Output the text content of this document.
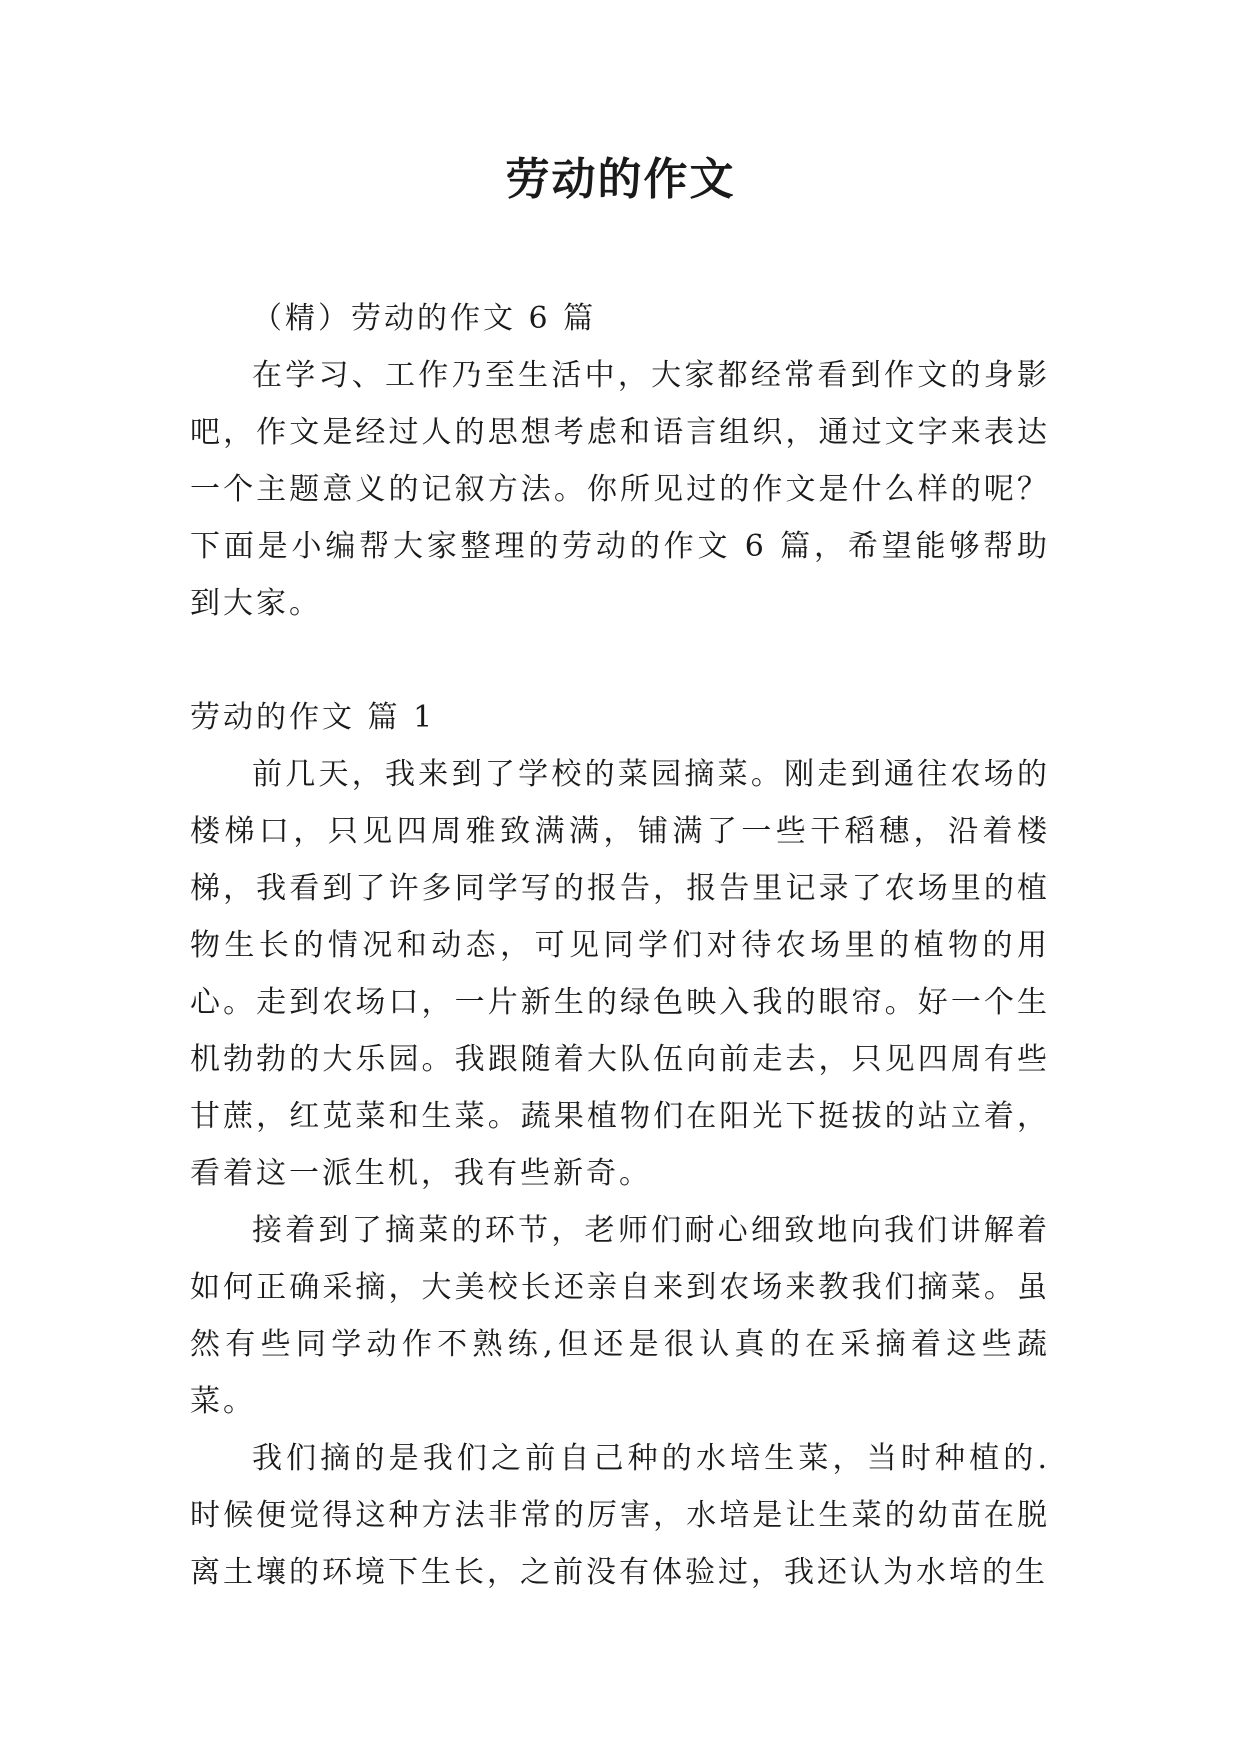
劳动的作文

（精）劳动的作文 6 篇

在学习、工作乃至生活中，大家都经常看到作文的身影吧，作文是经过人的思想考虑和语言组织，通过文字来表达一个主题意义的记叙方法。你所见过的作文是什么样的呢？下面是小编帮大家整理的劳动的作文 6 篇，希望能够帮助到大家。

劳动的作文 篇 1

前几天，我来到了学校的菜园摘菜。刚走到通往农场的楼梯口，只见四周雅致满满，铺满了一些干稻穗，沿着楼梯，我看到了许多同学写的报告，报告里记录了农场里的植物生长的情况和动态，可见同学们对待农场里的植物的用心。走到农场口，一片新生的绿色映入我的眼帘。好一个生机勃勃的大乐园。我跟随着大队伍向前走去，只见四周有些甘蔗，红苋菜和生菜。蔬果植物们在阳光下挺拔的站立着，看着这一派生机，我有些新奇。

接着到了摘菜的环节，老师们耐心细致地向我们讲解着如何正确采摘，大美校长还亲自来到农场来教我们摘菜。虽然有些同学动作不熟练,但还是很认真的在采摘着这些蔬菜。

我们摘的是我们之前自己种的水培生菜，当时种植的.时候便觉得这种方法非常的厉害，水培是让生菜的幼苗在脱离土壤的环境下生长，之前没有体验过，我还认为水培的生
